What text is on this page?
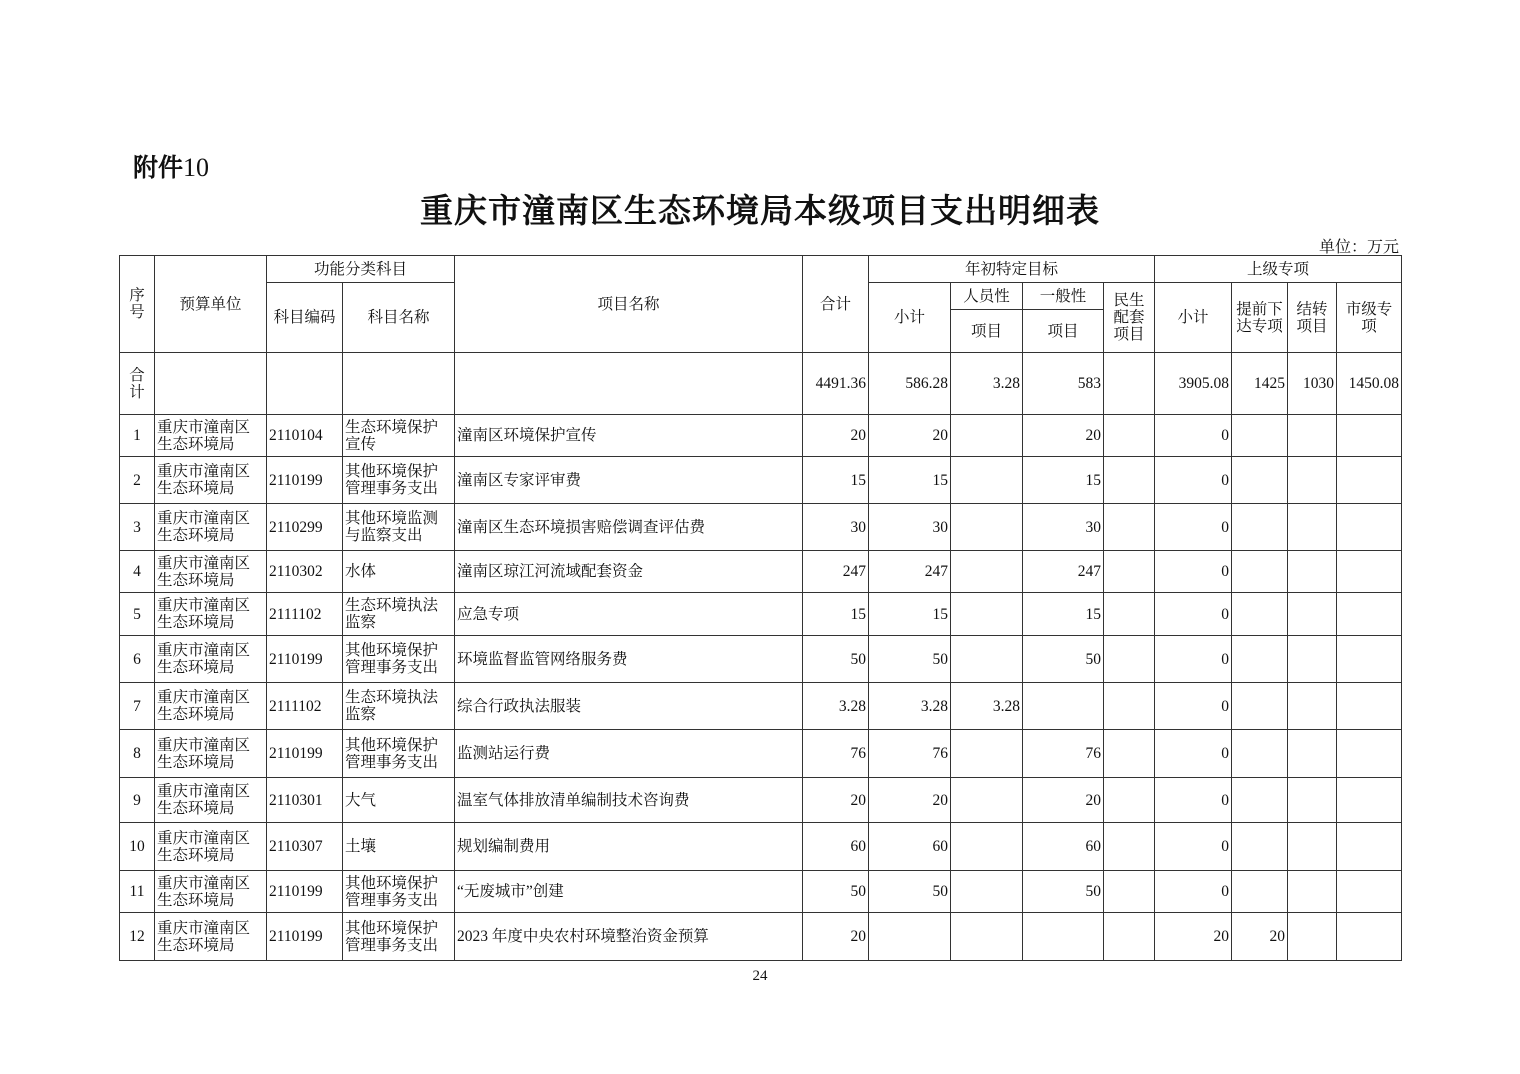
附件10
重庆市潼南区生态环境局本级项目支出明细表
单位：万元
序号	预算单位	功能分类科目		项目名称	合计	年初特定目标				上级专项			
		科目编码	科目名称			小计	人员性	一般性	民生配套项目	小计	提前下达专项	结转项目	市级专项
							项目	项目					
合计					4491.36	586.28	3.28	583		3905.08	1425	1030	1450.08
1	重庆市潼南区生态环境局	2110104	生态环境保护宣传	潼南区环境保护宣传	20	20		20		0			
2	重庆市潼南区生态环境局	2110199	其他环境保护管理事务支出	潼南区专家评审费	15	15		15		0			
3	重庆市潼南区生态环境局	2110299	其他环境监测与监察支出	潼南区生态环境损害赔偿调查评估费	30	30		30		0			
4	重庆市潼南区生态环境局	2110302	水体	潼南区琼江河流域配套资金	247	247		247		0			
5	重庆市潼南区生态环境局	2111102	生态环境执法监察	应急专项	15	15		15		0			
6	重庆市潼南区生态环境局	2110199	其他环境保护管理事务支出	环境监督监管网络服务费	50	50		50		0			
7	重庆市潼南区生态环境局	2111102	生态环境执法监察	综合行政执法服装	3.28	3.28	3.28			0			
8	重庆市潼南区生态环境局	2110199	其他环境保护管理事务支出	监测站运行费	76	76		76		0			
9	重庆市潼南区生态环境局	2110301	大气	温室气体排放清单编制技术咨询费	20	20		20		0			
10	重庆市潼南区生态环境局	2110307	土壤	规划编制费用	60	60		60		0			
11	重庆市潼南区生态环境局	2110199	其他环境保护管理事务支出	“无废城市”创建	50	50		50		0			
12	重庆市潼南区生态环境局	2110199	其他环境保护管理事务支出	2023 年度中央农村环境整治资金预算	20					20	20		
24
